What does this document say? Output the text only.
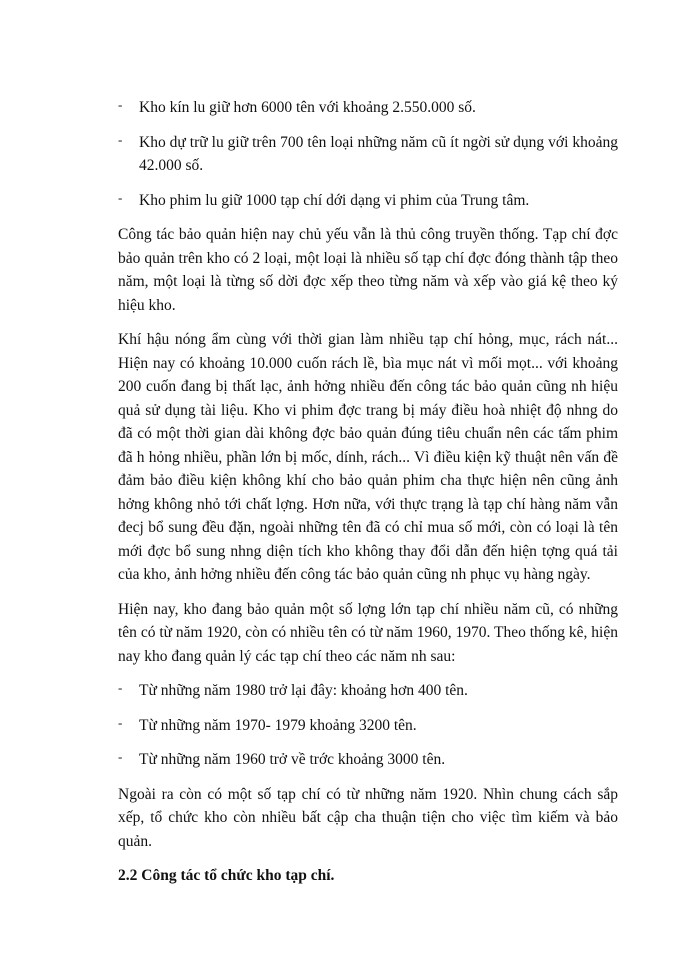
- Kho kín lu giữ hơn 6000 tên với khoảng 2.550.000 số.
- Kho dự trữ lu giữ trên 700 tên loại những năm cũ ít ngời sử dụng với khoảng 42.000 số.
- Kho phim lu giữ 1000 tạp chí dới dạng vi phim của Trung tâm.

Công tác bảo quản hiện nay chủ yếu vẫn là thủ công truyền thống. Tạp chí đợc bảo quản trên kho có 2 loại, một loại là nhiều số tạp chí đợc đóng thành tập theo năm, một loại là từng số dời đợc xếp theo từng năm và xếp vào giá kệ theo ký hiệu kho.

Khí hậu nóng ẩm cùng với thời gian làm nhiều tạp chí hỏng, mục, rách nát... Hiện nay có khoảng 10.000 cuốn rách lề, bìa mục nát vì mối mọt... với khoảng 200 cuốn đang bị thất lạc, ảnh hởng nhiều đến công tác bảo quản cũng nh hiệu quả sử dụng tài liệu. Kho vi phim đợc trang bị máy điều hoà nhiệt độ nhng do đã có một thời gian dài không đợc bảo quản đúng tiêu chuẩn nên các tấm phim đã h hỏng nhiều, phần lớn bị mốc, dính, rách... Vì điều kiện kỹ thuật nên vấn đề đảm bảo điều kiện không khí cho bảo quản phim cha thực hiện nên cũng ảnh hởng không nhỏ tới chất lợng. Hơn nữa, với thực trạng là tạp chí hàng năm vẫn đecj bổ sung đều đặn, ngoài những tên đã có chỉ mua số mới, còn có loại là tên mới đợc bổ sung nhng diện tích kho không thay đổi dẫn đến hiện tợng quá tải của kho, ảnh hởng nhiều đến công tác bảo quản cũng nh phục vụ hàng ngày.

Hiện nay, kho đang bảo quản một số lợng lớn tạp chí nhiều năm cũ, có những tên có từ năm 1920, còn có nhiều tên có từ năm 1960, 1970. Theo thống kê, hiện nay kho đang quản lý các tạp chí theo các năm nh sau:

- Từ những năm 1980 trở lại đây: khoảng hơn 400 tên.
- Từ những năm 1970- 1979 khoảng 3200 tên.
- Từ những năm 1960 trở về trớc khoảng 3000 tên.

Ngoài ra còn có một số tạp chí có từ những năm 1920. Nhìn chung cách sắp xếp, tổ chức kho còn nhiều bất cập cha thuận tiện cho việc tìm kiếm và bảo quản.

2.2 Công tác tổ chức kho tạp chí.
